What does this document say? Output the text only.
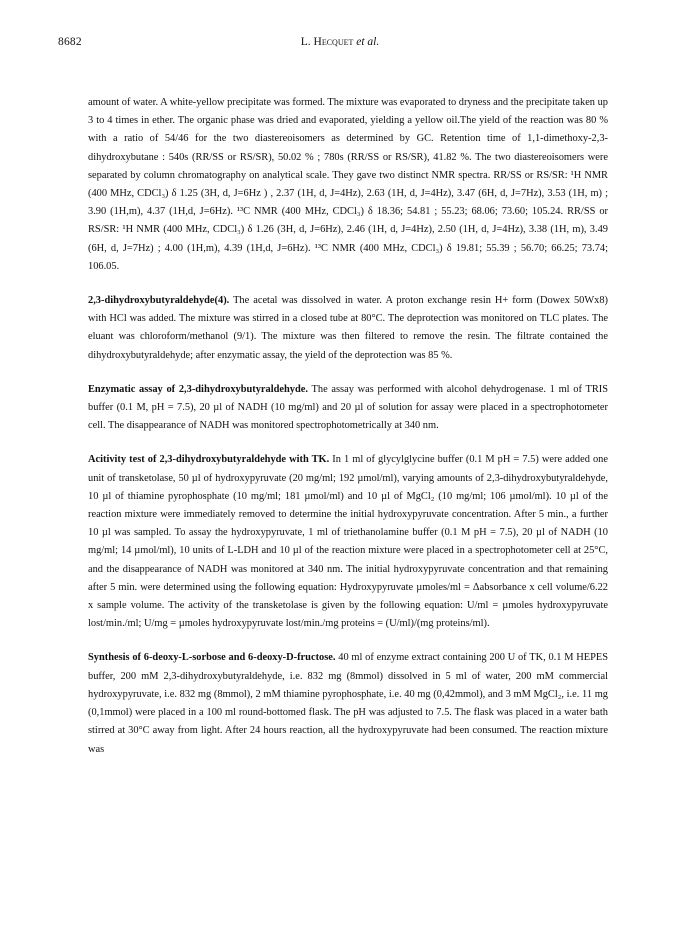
8682	L. Hecquet et al.

amount of water. A white-yellow precipitate was formed. The mixture was evaporated to dryness and the precipitate taken up 3 to 4 times in ether. The organic phase was dried and evaporated, yielding a yellow oil.The yield of the reaction was 80 % with a ratio of 54/46 for the two diastereoisomers as determined by GC. Retention time of 1,1-dimethoxy-2,3-dihydroxybutane : 540s (RR/SS or RS/SR), 50.02 % ; 780s (RR/SS or RS/SR), 41.82 %. The two diastereoisomers were separated by column chromatography on analytical scale. They gave two distinct NMR spectra. RR/SS or RS/SR: ¹H NMR (400 MHz, CDCl₃) δ 1.25 (3H, d, J=6Hz ) , 2.37 (1H, d, J=4Hz), 2.63 (1H, d, J=4Hz), 3.47 (6H, d, J=7Hz), 3.53 (1H, m) ; 3.90 (1H,m), 4.37 (1H,d, J=6Hz). ¹³C NMR (400 MHz, CDCl₃) δ 18.36; 54.81 ; 55.23; 68.06; 73.60; 105.24. RR/SS or RS/SR: ¹H NMR (400 MHz, CDCl₃) δ 1.26 (3H, d, J=6Hz), 2.46 (1H, d, J=4Hz), 2.50 (1H, d, J=4Hz), 3.38 (1H, m), 3.49 (6H, d, J=7Hz) ; 4.00 (1H,m), 4.39 (1H,d, J=6Hz). ¹³C NMR (400 MHz, CDCl₃) δ 19.81; 55.39 ; 56.70; 66.25; 73.74; 106.05.

2,3-dihydroxybutyraldehyde(4). The acetal was dissolved in water. A proton exchange resin H+ form (Dowex 50Wx8) with HCl was added. The mixture was stirred in a closed tube at 80°C. The deprotection was monitored on TLC plates. The eluant was chloroform/methanol (9/1). The mixture was then filtered to remove the resin. The filtrate contained the dihydroxybutyraldehyde; after enzymatic assay, the yield of the deprotection was 85 %.

Enzymatic assay of 2,3-dihydroxybutyraldehyde. The assay was performed with alcohol dehydrogenase. 1 ml of TRIS buffer (0.1 M, pH = 7.5), 20 µl of NADH (10 mg/ml) and 20 µl of solution for assay were placed in a spectrophotometer cell. The disappearance of NADH was monitored spectrophotometrically at 340 nm.

Acitivity test of 2,3-dihydroxybutyraldehyde with TK. In 1 ml of glycylglycine buffer (0.1 M pH = 7.5) were added one unit of transketolase, 50 µl of hydroxypyruvate (20 mg/ml; 192 µmol/ml), varying amounts of 2,3-dihydroxybutyraldehyde, 10 µl of thiamine pyrophosphate (10 mg/ml; 181 µmol/ml) and 10 µl of MgCl₂ (10 mg/ml; 106 µmol/ml). 10 µl of the reaction mixture were immediately removed to determine the initial hydroxypyruvate concentration. After 5 min., a further 10 µl was sampled. To assay the hydroxypyruvate, 1 ml of triethanolamine buffer (0.1 M pH = 7.5), 20 µl of NADH (10 mg/ml; 14 µmol/ml), 10 units of L-LDH and 10 µl of the reaction mixture were placed in a spectrophotometer cell at 25°C, and the disappearance of NADH was monitored at 340 nm. The initial hydroxypyruvate concentration and that remaining after 5 min. were determined using the following equation: Hydroxypyruvate µmoles/ml = Δabsorbance x cell volume/6.22 x sample volume. The activity of the transketolase is given by the following equation: U/ml = µmoles hydroxypyruvate lost/min./ml; U/mg = µmoles hydroxypyruvate lost/min./mg proteins = (U/ml)/(mg proteins/ml).

Synthesis of 6-deoxy-L-sorbose and 6-deoxy-D-fructose. 40 ml of enzyme extract containing 200 U of TK, 0.1 M HEPES buffer, 200 mM 2,3-dihydroxybutyraldehyde, i.e. 832 mg (8mmol) dissolved in 5 ml of water, 200 mM commercial hydroxypyruvate, i.e. 832 mg (8mmol), 2 mM thiamine pyrophosphate, i.e. 40 mg (0,42mmol), and 3 mM MgCl₂, i.e. 11 mg (0,1mmol) were placed in a 100 ml round-bottomed flask. The pH was adjusted to 7.5. The flask was placed in a water bath stirred at 30°C away from light. After 24 hours reaction, all the hydroxypyruvate had been consumed. The reaction mixture was
